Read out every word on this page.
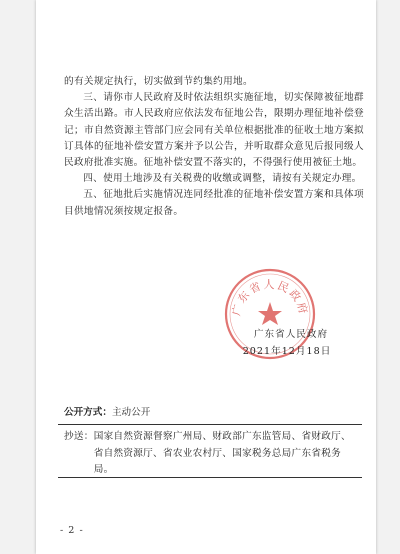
的有关规定执行，切实做到节约集约用地。

三、请你市人民政府及时依法组织实施征地，切实保障被征地群众生活出路。市人民政府应依法发布征地公告，限期办理征地补偿登记；市自然资源主管部门应会同有关单位根据批准的征收土地方案拟订具体的征地补偿安置方案并予以公告，并听取群众意见后报同级人民政府批准实施。征地补偿安置不落实的，不得强行使用被征土地。

四、使用土地涉及有关税费的收缴或调整，请按有关规定办理。

五、征地批后实施情况连同经批准的征地补偿安置方案和具体项目供地情况须按规定报备。

广东省人民政府
广东省人民政府
2021年12月18日
公开方式：主动公开
抄送： 国家自然资源督察广州局、财政部广东监管局、省财政厅、省自然资源厅、省农业农村厅、国家税务总局广东省税务局。
- 2 -
